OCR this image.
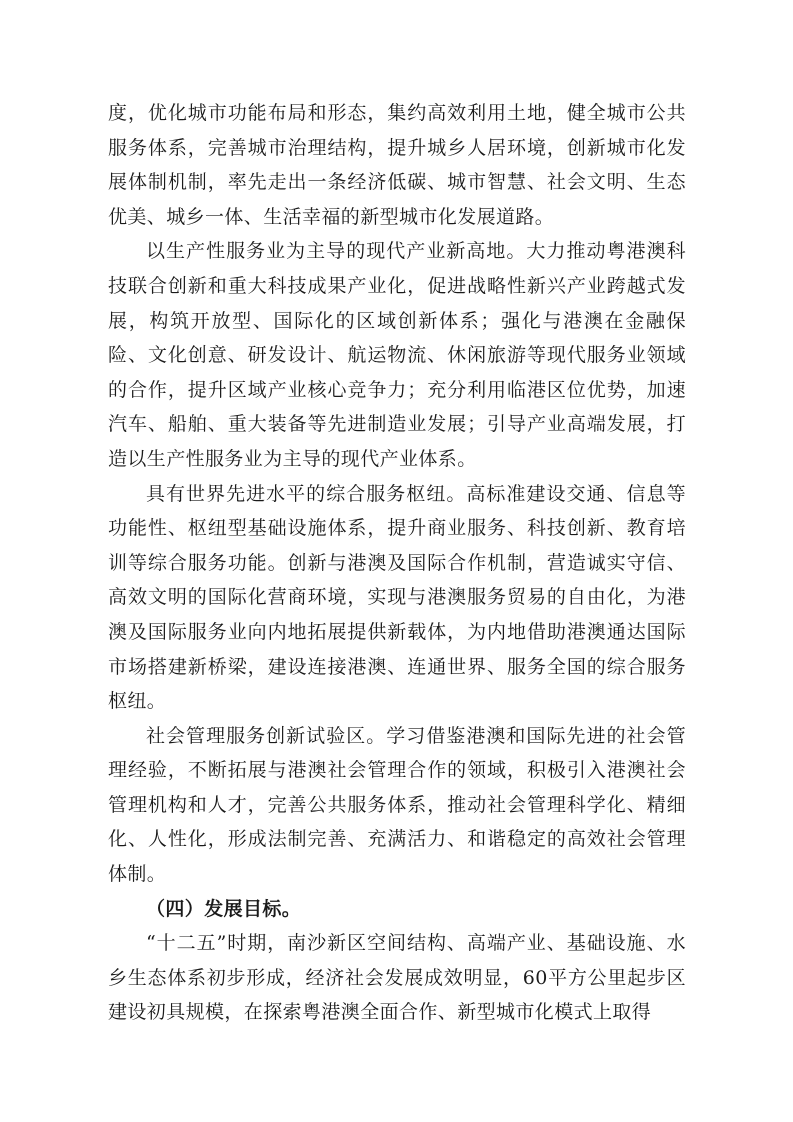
度，优化城市功能布局和形态，集约高效利用土地，健全城市公共服务体系，完善城市治理结构，提升城乡人居环境，创新城市化发展体制机制，率先走出一条经济低碳、城市智慧、社会文明、生态优美、城乡一体、生活幸福的新型城市化发展道路。

以生产性服务业为主导的现代产业新高地。大力推动粤港澳科技联合创新和重大科技成果产业化，促进战略性新兴产业跨越式发展，构筑开放型、国际化的区域创新体系；强化与港澳在金融保险、文化创意、研发设计、航运物流、休闲旅游等现代服务业领域的合作，提升区域产业核心竞争力；充分利用临港区位优势，加速汽车、船舶、重大装备等先进制造业发展；引导产业高端发展，打造以生产性服务业为主导的现代产业体系。

具有世界先进水平的综合服务枢纽。高标准建设交通、信息等功能性、枢纽型基础设施体系，提升商业服务、科技创新、教育培训等综合服务功能。创新与港澳及国际合作机制，营造诚实守信、高效文明的国际化营商环境，实现与港澳服务贸易的自由化，为港澳及国际服务业向内地拓展提供新载体，为内地借助港澳通达国际市场搭建新桥梁，建设连接港澳、连通世界、服务全国的综合服务枢纽。

社会管理服务创新试验区。学习借鉴港澳和国际先进的社会管理经验，不断拓展与港澳社会管理合作的领域，积极引入港澳社会管理机构和人才，完善公共服务体系，推动社会管理科学化、精细化、人性化，形成法制完善、充满活力、和谐稳定的高效社会管理体制。

（四）发展目标。

“十二五”时期，南沙新区空间结构、高端产业、基础设施、水乡生态体系初步形成，经济社会发展成效明显，60平方公里起步区建设初具规模，在探索粤港澳全面合作、新型城市化模式上取得
